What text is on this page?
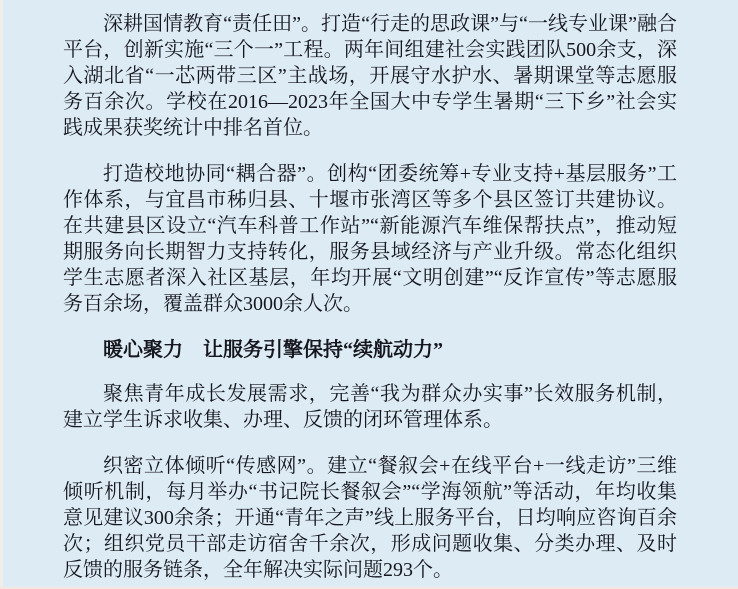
深耕国情教育“责任田”。打造“行走的思政课”与“一线专业课”融合平台，创新实施“三个一”工程。两年间组建社会实践团队500余支，深入湖北省“一芯两带三区”主战场，开展守水护水、暑期课堂等志愿服务百余次。学校在2016—2023年全国大中专学生暑期“三下乡”社会实践成果获奖统计中排名首位。

打造校地协同“耦合器”。创构“团委统筹+专业支持+基层服务”工作体系，与宜昌市秭归县、十堰市张湾区等多个县区签订共建协议。在共建县区设立“汽车科普工作站”“新能源汽车维保帮扶点”，推动短期服务向长期智力支持转化，服务县域经济与产业升级。常态化组织学生志愿者深入社区基层，年均开展“文明创建”“反诈宣传”等志愿服务百余场，覆盖群众3000余人次。

暖心聚力　让服务引擎保持“续航动力”

聚焦青年成长发展需求，完善“我为群众办实事”长效服务机制，建立学生诉求收集、办理、反馈的闭环管理体系。

织密立体倾听“传感网”。建立“餐叙会+在线平台+一线走访”三维倾听机制，每月举办“书记院长餐叙会”“学海领航”等活动，年均收集意见建议300余条；开通“青年之声”线上服务平台，日均响应咨询百余次；组织党员干部走访宿舍千余次，形成问题收集、分类办理、及时反馈的服务链条，全年解决实际问题293个。
